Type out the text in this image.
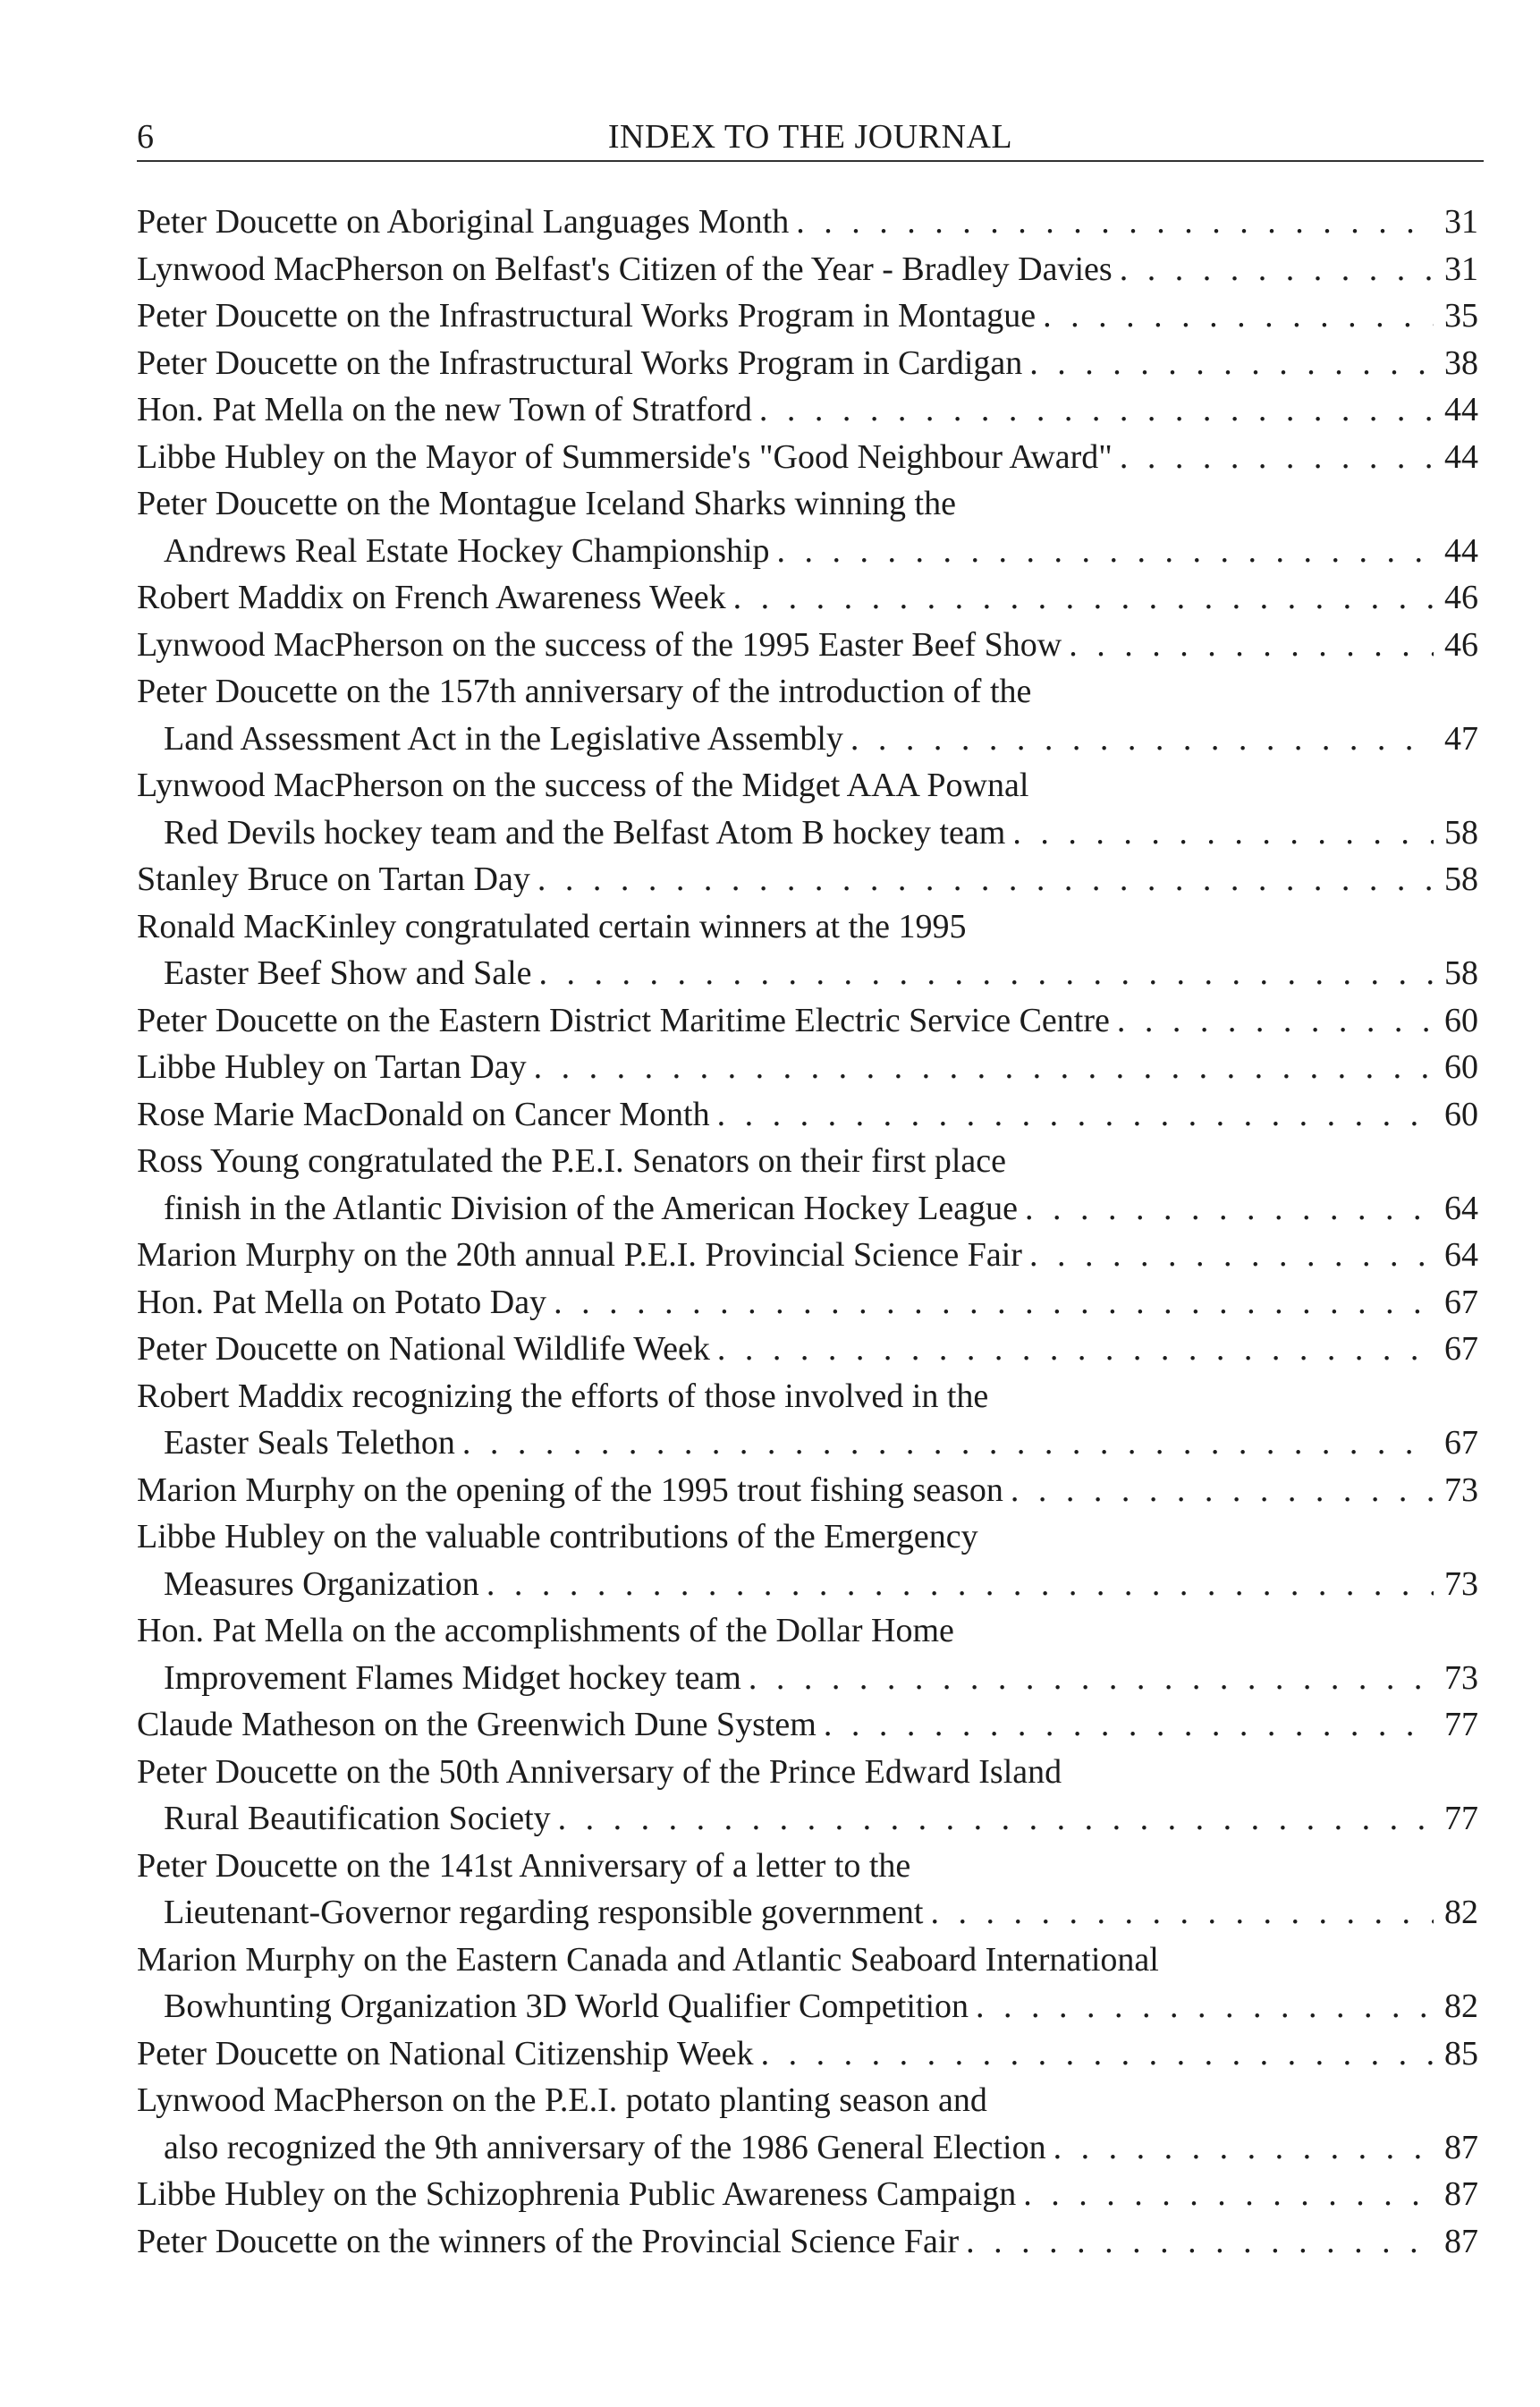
6	INDEX TO THE JOURNAL
Peter Doucette on Aboriginal Languages Month . . .	31
Lynwood MacPherson on Belfast's Citizen of the Year - Bradley Davies . . .	31
Peter Doucette on the Infrastructural Works Program in Montague . . .	35
Peter Doucette on the Infrastructural Works Program in Cardigan . . .	38
Hon. Pat Mella on the new Town of Stratford . . .	44
Libbe Hubley on the Mayor of Summerside's "Good Neighbour Award" . . .	44
Peter Doucette on the Montague Iceland Sharks winning the
Andrews Real Estate Hockey Championship . . .	44
Robert Maddix on French Awareness Week . . .	46
Lynwood MacPherson on the success of the 1995 Easter Beef Show . . .	46
Peter Doucette on the 157th anniversary of the introduction of the
Land Assessment Act in the Legislative Assembly . . .	47
Lynwood MacPherson on the success of the Midget AAA Pownal
Red Devils hockey team and the Belfast Atom B hockey team . . .	58
Stanley Bruce on Tartan Day . . .	58
Ronald MacKinley congratulated certain winners at the 1995
Easter Beef Show and Sale . . .	58
Peter Doucette on the Eastern District Maritime Electric Service Centre . . .	60
Libbe Hubley on Tartan Day . . .	60
Rose Marie MacDonald on Cancer Month . . .	60
Ross Young congratulated the P.E.I. Senators on their first place
finish in the Atlantic Division of the American Hockey League . . .	64
Marion Murphy on the 20th annual P.E.I. Provincial Science Fair . . .	64
Hon. Pat Mella on Potato Day . . .	67
Peter Doucette on National Wildlife Week . . .	67
Robert Maddix recognizing the efforts of those involved in the
Easter Seals Telethon . . .	67
Marion Murphy on the opening of the 1995 trout fishing season . . .	73
Libbe Hubley on the valuable contributions of the Emergency
Measures Organization . . .	73
Hon. Pat Mella on the accomplishments of the Dollar Home
Improvement Flames Midget hockey team . . .	73
Claude Matheson on the Greenwich Dune System . . .	77
Peter Doucette on the 50th Anniversary of the Prince Edward Island
Rural Beautification Society . . .	77
Peter Doucette on the 141st Anniversary of a letter to the
Lieutenant-Governor regarding responsible government . . .	82
Marion Murphy on the Eastern Canada and Atlantic Seaboard International
Bowhunting Organization 3D World Qualifier Competition . . .	82
Peter Doucette on National Citizenship Week . . .	85
Lynwood MacPherson on the P.E.I. potato planting season and
also recognized the 9th anniversary of the 1986 General Election . . .	87
Libbe Hubley on the Schizophrenia Public Awareness Campaign . . .	87
Peter Doucette on the winners of the Provincial Science Fair . . .	87
